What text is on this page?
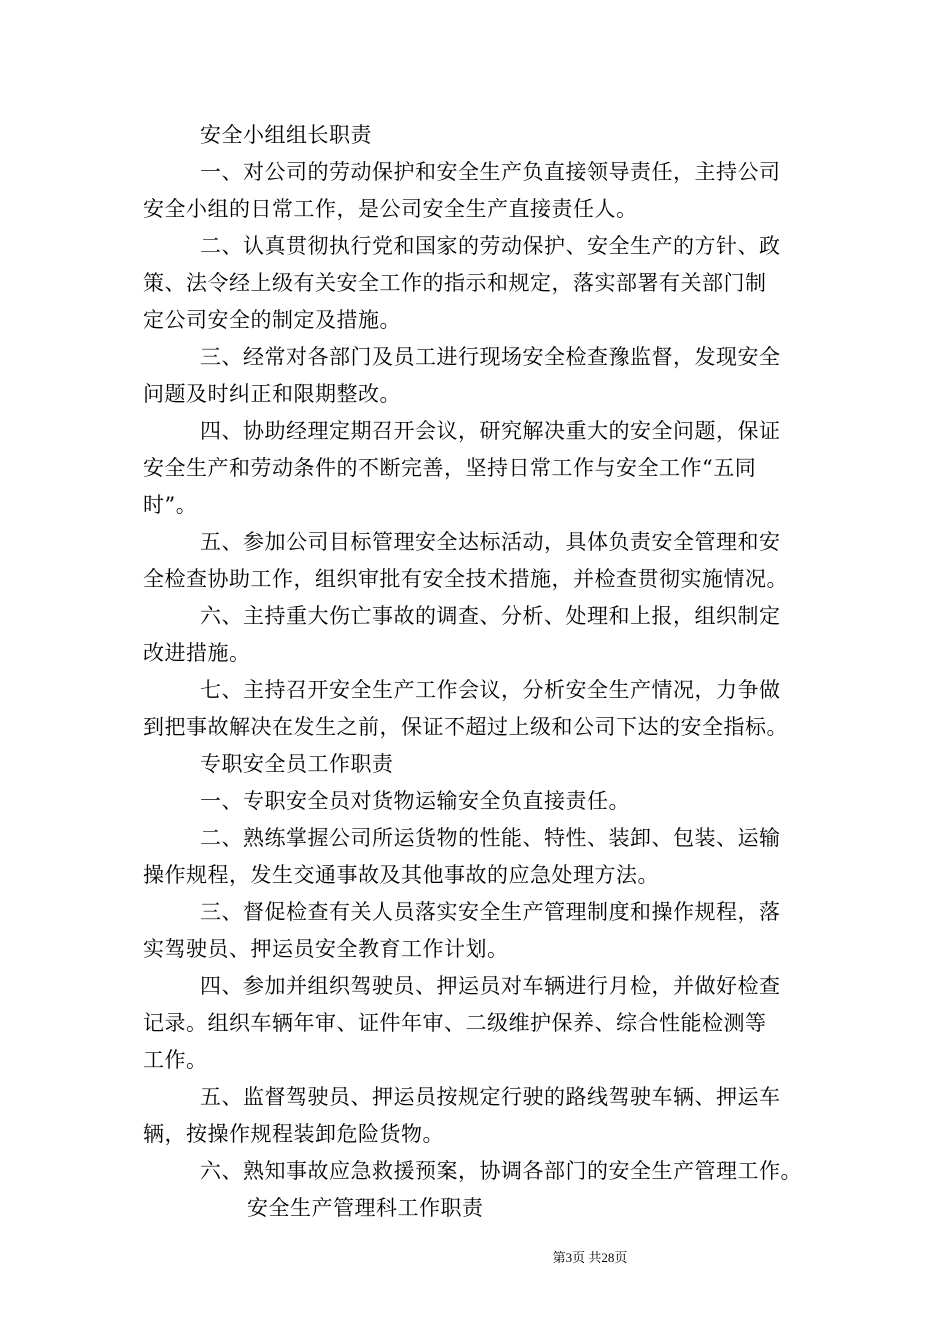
安全小组组长职责
一、对公司的劳动保护和安全生产负直接领导责任，主持公司
安全小组的日常工作，是公司安全生产直接责任人。
二、认真贯彻执行党和国家的劳动保护、安全生产的方针、政
策、法令经上级有关安全工作的指示和规定，落实部署有关部门制
定公司安全的制定及措施。
三、经常对各部门及员工进行现场安全检查豫监督，发现安全
问题及时纠正和限期整改。
四、协助经理定期召开会议，研究解决重大的安全问题，保证
安全生产和劳动条件的不断完善，坚持日常工作与安全工作“五同
时”。
五、参加公司目标管理安全达标活动，具体负责安全管理和安
全检查协助工作，组织审批有安全技术措施，并检查贯彻实施情况。
六、主持重大伤亡事故的调查、分析、处理和上报，组织制定
改进措施。
七、主持召开安全生产工作会议，分析安全生产情况，力争做
到把事故解决在发生之前，保证不超过上级和公司下达的安全指标。
专职安全员工作职责
一、专职安全员对货物运输安全负直接责任。
二、熟练掌握公司所运货物的性能、特性、装卸、包装、运输
操作规程，发生交通事故及其他事故的应急处理方法。
三、督促检查有关人员落实安全生产管理制度和操作规程，落
实驾驶员、押运员安全教育工作计划。
四、参加并组织驾驶员、押运员对车辆进行月检，并做好检查
记录。组织车辆年审、证件年审、二级维护保养、综合性能检测等
工作。
五、监督驾驶员、押运员按规定行驶的路线驾驶车辆、押运车
辆，按操作规程装卸危险货物。
六、熟知事故应急救援预案，协调各部门的安全生产管理工作。
安全生产管理科工作职责
第3页 共28页
